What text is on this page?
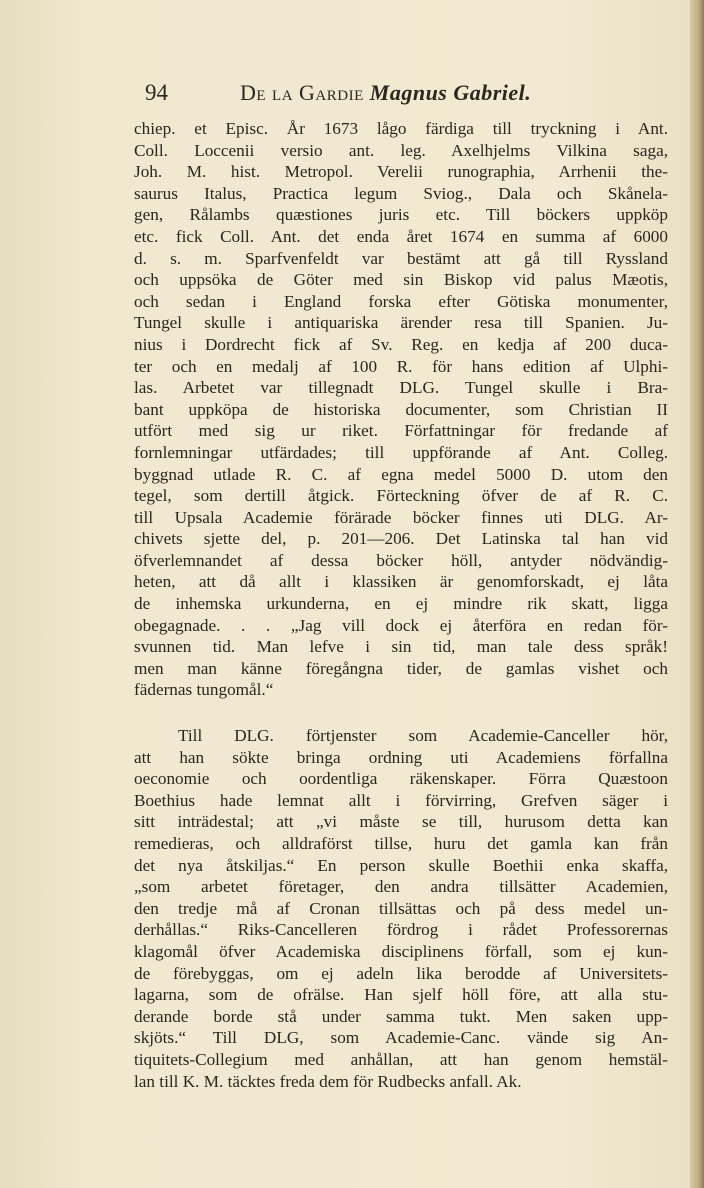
94	De la Gardie Magnus Gabriel.
chiep. et Episc. År 1673 lågo färdiga till tryckning i Ant.
Coll. Loccenii versio ant. leg. Axelhjelms Vilkina saga,
Joh. M. hist. Metropol. Verelii runographia, Arrhenii the-
saurus Italus, Practica legum Sviog., Dala och Skånela-
gen, Rålambs quæstiones juris etc. Till böckers uppköp
etc. fick Coll. Ant. det enda året 1674 en summa af 6000
d. s. m. Sparfvenfeldt var bestämt att gå till Ryssland
och uppsöka de Göter med sin Biskop vid palus Mæotis,
och sedan i England forska efter Götiska monumenter,
Tungel skulle i antiquariska ärender resa till Spanien. Ju-
nius i Dordrecht fick af Sv. Reg. en kedja af 200 duca-
ter och en medalj af 100 R. för hans edition af Ulphi-
las. Arbetet var tillegnadt DLG. Tungel skulle i Bra-
bant uppköpa de historiska documenter, som Christian II
utfört med sig ur riket. Författningar för fredande af
fornlemningar utfärdades; till uppförande af Ant. Colleg.
byggnad utlade R. C. af egna medel 5000 D. utom den
tegel, som dertill åtgick. Förteckning öfver de af R. C.
till Upsala Academie förärade böcker finnes uti DLG. Ar-
chivets sjette del, p. 201—206. Det Latinska tal han vid
öfverlemnandet af dessa böcker höll, antyder nödvändig-
heten, att då allt i klassiken är genomforskadt, ej låta
de inhemska urkunderna, en ej mindre rik skatt, ligga
obegagnade. . . „Jag vill dock ej återföra en redan för-
svunnen tid. Man lefve i sin tid, man tale dess språk!
men man känne föregångna tider, de gamlas vishet och
fädernas tungomål.“
Till DLG. förtjenster som Academie-Canceller hör,
att han sökte bringa ordning uti Academiens förfallna
oeconomie och oordentliga räkenskaper. Förra Quæstoon
Boethius hade lemnat allt i förvirring, Grefven säger i
sitt inträdestal; att „vi måste se till, hurusom detta kan
remedieras, och alldraförst tillse, huru det gamla kan från
det nya åtskiljas.“ En person skulle Boethii enka skaffa,
„som arbetet företager, den andra tillsätter Academien,
den tredje må af Cronan tillsättas och på dess medel un-
derhållas.“ Riks-Cancelleren fördrog i rådet Professorernas
klagomål öfver Academiska disciplinens förfall, som ej kun-
de förebyggas, om ej adeln lika berodde af Universitets-
lagarna, som de ofrälse. Han sjelf höll före, att alla stu-
derande borde stå under samma tukt. Men saken upp-
skjöts.“ Till DLG, som Academie-Canc. vände sig An-
tiquitets-Collegium med anhållan, att han genom hemstäl-
lan till K. M. täcktes freda dem för Rudbecks anfall. Ak.
